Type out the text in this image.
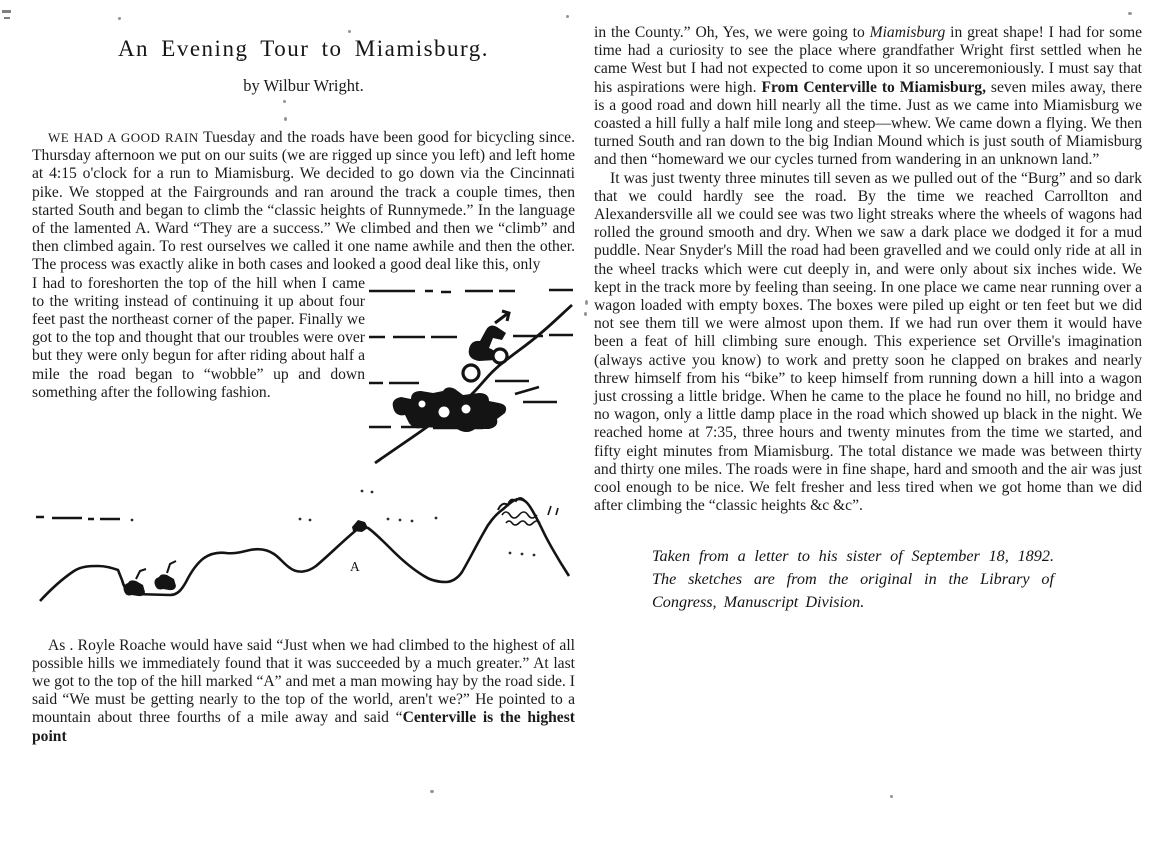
An Evening Tour to Miamisburg.
by Wilbur Wright.

WE HAD A GOOD RAIN Tuesday and the roads have been good for bicycling since. Thursday afternoon we put on our suits (we are rigged up since you left) and left home at 4:15 o'clock for a run to Miamisburg. We decided to go down via the Cincinnati pike. We stopped at the Fairgrounds and ran around the track a couple times, then started South and began to climb the “classic heights of Runnymede.” In the language of the lamented A. Ward “They are a success.” We climbed and then we “climb” and then climbed again. To rest ourselves we called it one name awhile and then the other. The process was exactly alike in both cases and looked a good deal like this, only

I had to foreshorten the top of the hill when I came to the writing instead of continuing it up about four feet past the northeast corner of the paper. Finally we got to the top and thought that our troubles were over but they were only begun for after riding about half a mile the road began to “wobble” up and down something after the following fashion.

A

As . Royle Roache would have said “Just when we had climbed to the highest of all possible hills we immediately found that it was succeeded by a much greater.” At last we got to the top of the hill marked “A” and met a man mowing hay by the road side. I said “We must be getting nearly to the top of the world, aren't we?” He pointed to a mountain about three fourths of a mile away and said “Centerville is the highest point

in the County.” Oh, Yes, we were going to Miamisburg in great shape! I had for some time had a curiosity to see the place where grandfather Wright first settled when he came West but I had not expected to come upon it so unceremoniously. I must say that his aspirations were high. From Centerville to Miamisburg, seven miles away, there is a good road and down hill nearly all the time. Just as we came into Miamisburg we coasted a hill fully a half mile long and steep—whew. We came down a flying. We then turned South and ran down to the big Indian Mound which is just south of Miamisburg and then “homeward we our cycles turned from wandering in an unknown land.”

It was just twenty three minutes till seven as we pulled out of the “Burg” and so dark that we could hardly see the road. By the time we reached Carrollton and Alexandersville all we could see was two light streaks where the wheels of wagons had rolled the ground smooth and dry. When we saw a dark place we dodged it for a mud puddle. Near Snyder's Mill the road had been gravelled and we could only ride at all in the wheel tracks which were cut deeply in, and were only about six inches wide. We kept in the track more by feeling than seeing. In one place we came near running over a wagon loaded with empty boxes. The boxes were piled up eight or ten feet but we did not see them till we were almost upon them. If we had run over them it would have been a feat of hill climbing sure enough. This experience set Orville's imagination (always active you know) to work and pretty soon he clapped on brakes and nearly threw himself from his “bike” to keep himself from running down a hill into a wagon just crossing a little bridge. When he came to the place he found no hill, no bridge and no wagon, only a little damp place in the road which showed up black in the night. We reached home at 7:35, three hours and twenty minutes from the time we started, and fifty eight minutes from Miamisburg. The total distance we made was between thirty and thirty one miles. The roads were in fine shape, hard and smooth and the air was just cool enough to be nice. We felt fresher and less tired when we got home than we did after climbing the “classic heights &c &c”.

Taken from a letter to his sister of September 18, 1892. The sketches are from the original in the Library of Congress, Manuscript Division.
